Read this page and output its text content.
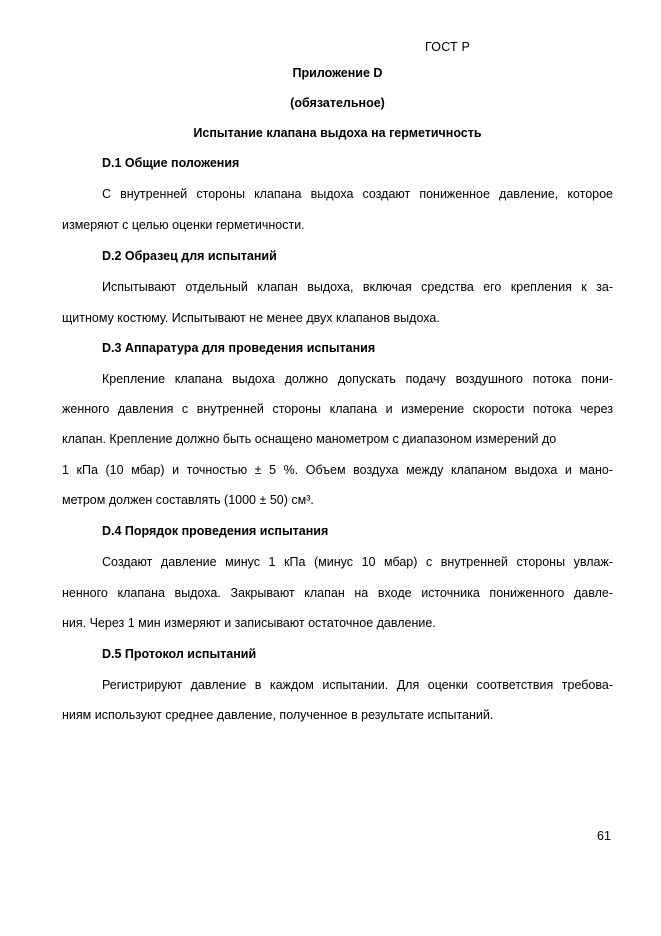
ГОСТ Р
Приложение D
(обязательное)
Испытание клапана выдоха на герметичность
D.1 Общие положения
С внутренней стороны клапана выдоха создают пониженное давление, которое
измеряют с целью оценки герметичности.
D.2 Образец для испытаний
Испытывают отдельный клапан выдоха, включая средства его крепления к за-
щитному костюму. Испытывают не менее двух клапанов выдоха.
D.3 Аппаратура для проведения испытания
Крепление клапана выдоха должно допускать подачу воздушного потока пони-
женного давления с внутренней стороны клапана и измерение скорости потока через
клапан. Крепление должно быть оснащено манометром с диапазоном измерений до
1 кПа (10 мбар) и точностью ± 5 %. Объем воздуха между клапаном выдоха и мано-
метром должен составлять (1000 ± 50) см³.
D.4 Порядок проведения испытания
Создают давление минус 1 кПа (минус 10 мбар) с внутренней стороны увлаж-
ненного клапана выдоха. Закрывают клапан на входе источника пониженного давле-
ния. Через 1 мин измеряют и записывают остаточное давление.
D.5 Протокол испытаний
Регистрируют давление в каждом испытании. Для оценки соответствия требова-
ниям используют среднее давление, полученное в результате испытаний.
61
